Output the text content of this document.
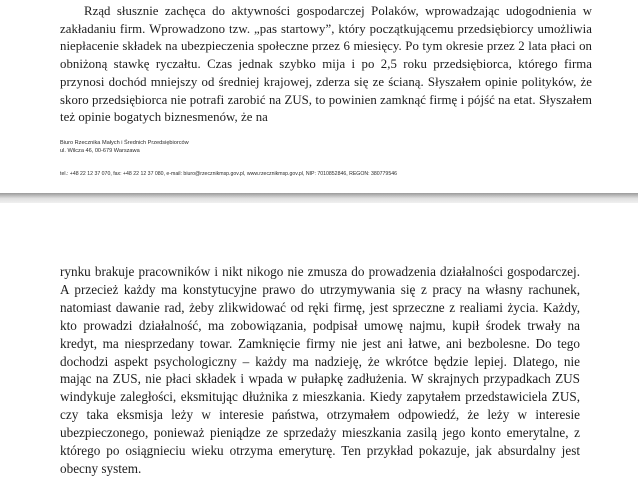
Rząd słusznie zachęca do aktywności gospodarczej Polaków, wprowadzając udogodnienia w zakładaniu firm. Wprowadzono tzw. „pas startowy”, który początkującemu przedsiębiorcy umożliwia niepłacenie składek na ubezpieczenia społeczne przez 6 miesięcy. Po tym okresie przez 2 lata płaci on obniżoną stawkę ryczałtu. Czas jednak szybko mija i po 2,5 roku przedsiębiorca, którego firma przynosi dochód mniejszy od średniej krajowej, zderza się ze ścianą. Słyszałem opinie polityków, że skoro przedsiębiorca nie potrafi zarobić na ZUS, to powinien zamknąć firmę i pójść na etat. Słyszałem też opinie bogatych biznesmenów, że na

Biuro Rzecznika Małych i Średnich Przedsiębiorców
ul. Wilcza 46, 00-679 Warszawa
tel.: +48 22 12 37 070, fax: +48 22 12 37 080, e-mail: biuro@rzecznikmsp.gov.pl, www.rzecznikmsp.gov.pl, NIP: 7010852846, REGON: 380779546

rynku brakuje pracowników i nikt nikogo nie zmusza do prowadzenia działalności gospodarczej. A przecież każdy ma konstytucyjne prawo do utrzymywania się z pracy na własny rachunek, natomiast dawanie rad, żeby zlikwidować od ręki firmę, jest sprzeczne z realiami życia. Każdy, kto prowadzi działalność, ma zobowiązania, podpisał umowę najmu, kupił środek trwały na kredyt, ma niesprzedany towar. Zamknięcie firmy nie jest ani łatwe, ani bezbolesne. Do tego dochodzi aspekt psychologiczny – każdy ma nadzieję, że wkrótce będzie lepiej. Dlatego, nie mając na ZUS, nie płaci składek i wpada w pułapkę zadłużenia. W skrajnych przypadkach ZUS windykuje zaległości, eksmitując dłużnika z mieszkania. Kiedy zapytałem przedstawiciela ZUS, czy taka eksmisja leży w interesie państwa, otrzymałem odpowiedź, że leży w interesie ubezpieczonego, ponieważ pieniądze ze sprzedaży mieszkania zasilą jego konto emerytalne, z którego po osiągnieciu wieku otrzyma emeryturę. Ten przykład pokazuje, jak absurdalny jest obecny system.
